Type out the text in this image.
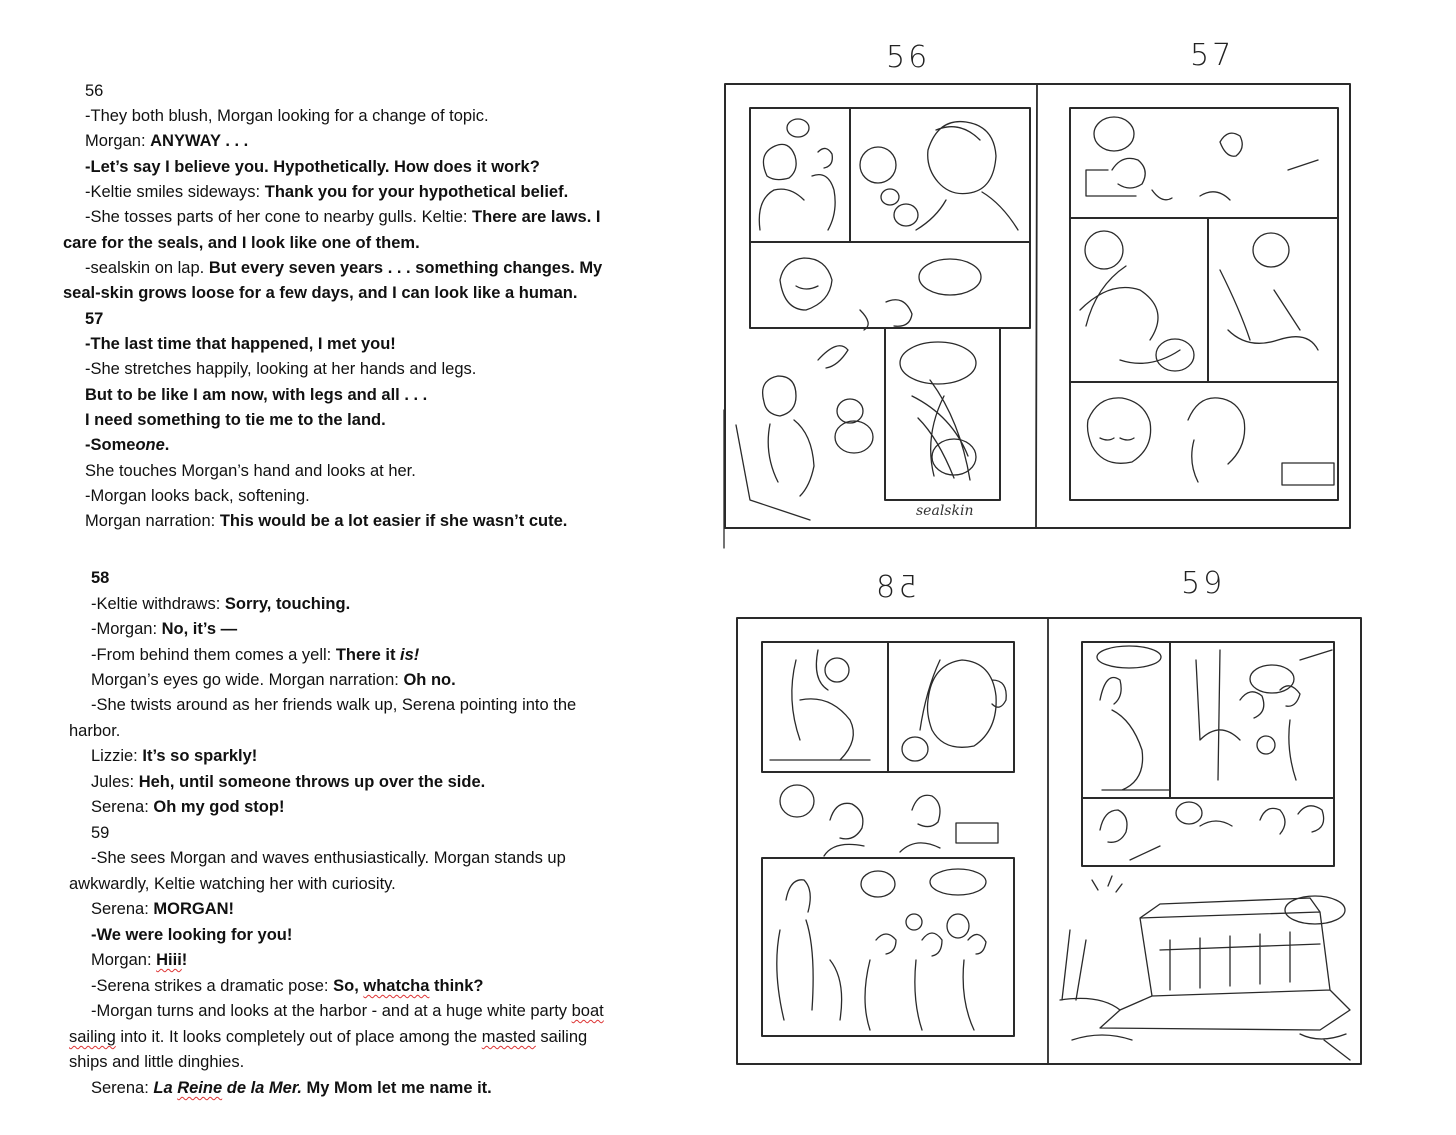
56
-They both blush, Morgan looking for a change of topic.
Morgan: ANYWAY . . .
-Let’s say I believe you. Hypothetically. How does it work?
-Keltie smiles sideways: Thank you for your hypothetical belief.
-She tosses parts of her cone to nearby gulls. Keltie: There are laws. I
care for the seals, and I look like one of them.
-sealskin on lap. But every seven years . . . something changes. My
seal-skin grows loose for a few days, and I can look like a human.
57
-The last time that happened, I met you!
-She stretches happily, looking at her hands and legs.
But to be like I am now, with legs and all . . .
I need something to tie me to the land.
-Someone.
She touches Morgan’s hand and looks at her.
-Morgan looks back, softening.
Morgan narration: This would be a lot easier if she wasn’t cute.
58
-Keltie withdraws: Sorry, touching.
-Morgan: No, it’s —
-From behind them comes a yell: There it is!
Morgan’s eyes go wide. Morgan narration: Oh no.
-She twists around as her friends walk up, Serena pointing into the
harbor.
Lizzie: It’s so sparkly!
Jules: Heh, until someone throws up over the side.
Serena: Oh my god stop!
59
-She sees Morgan and waves enthusiastically. Morgan stands up
awkwardly, Keltie watching her with curiosity.
Serena: MORGAN!
-We were looking for you!
Morgan: Hiii!
-Serena strikes a dramatic pose: So, whatcha think?
-Morgan turns and looks at the harbor - and at a huge white party boat
sailing into it. It looks completely out of place among the masted sailing
ships and little dinghies.
Serena: La Reine de la Mer. My Mom let me name it.
56	57
58	59
sealskin
